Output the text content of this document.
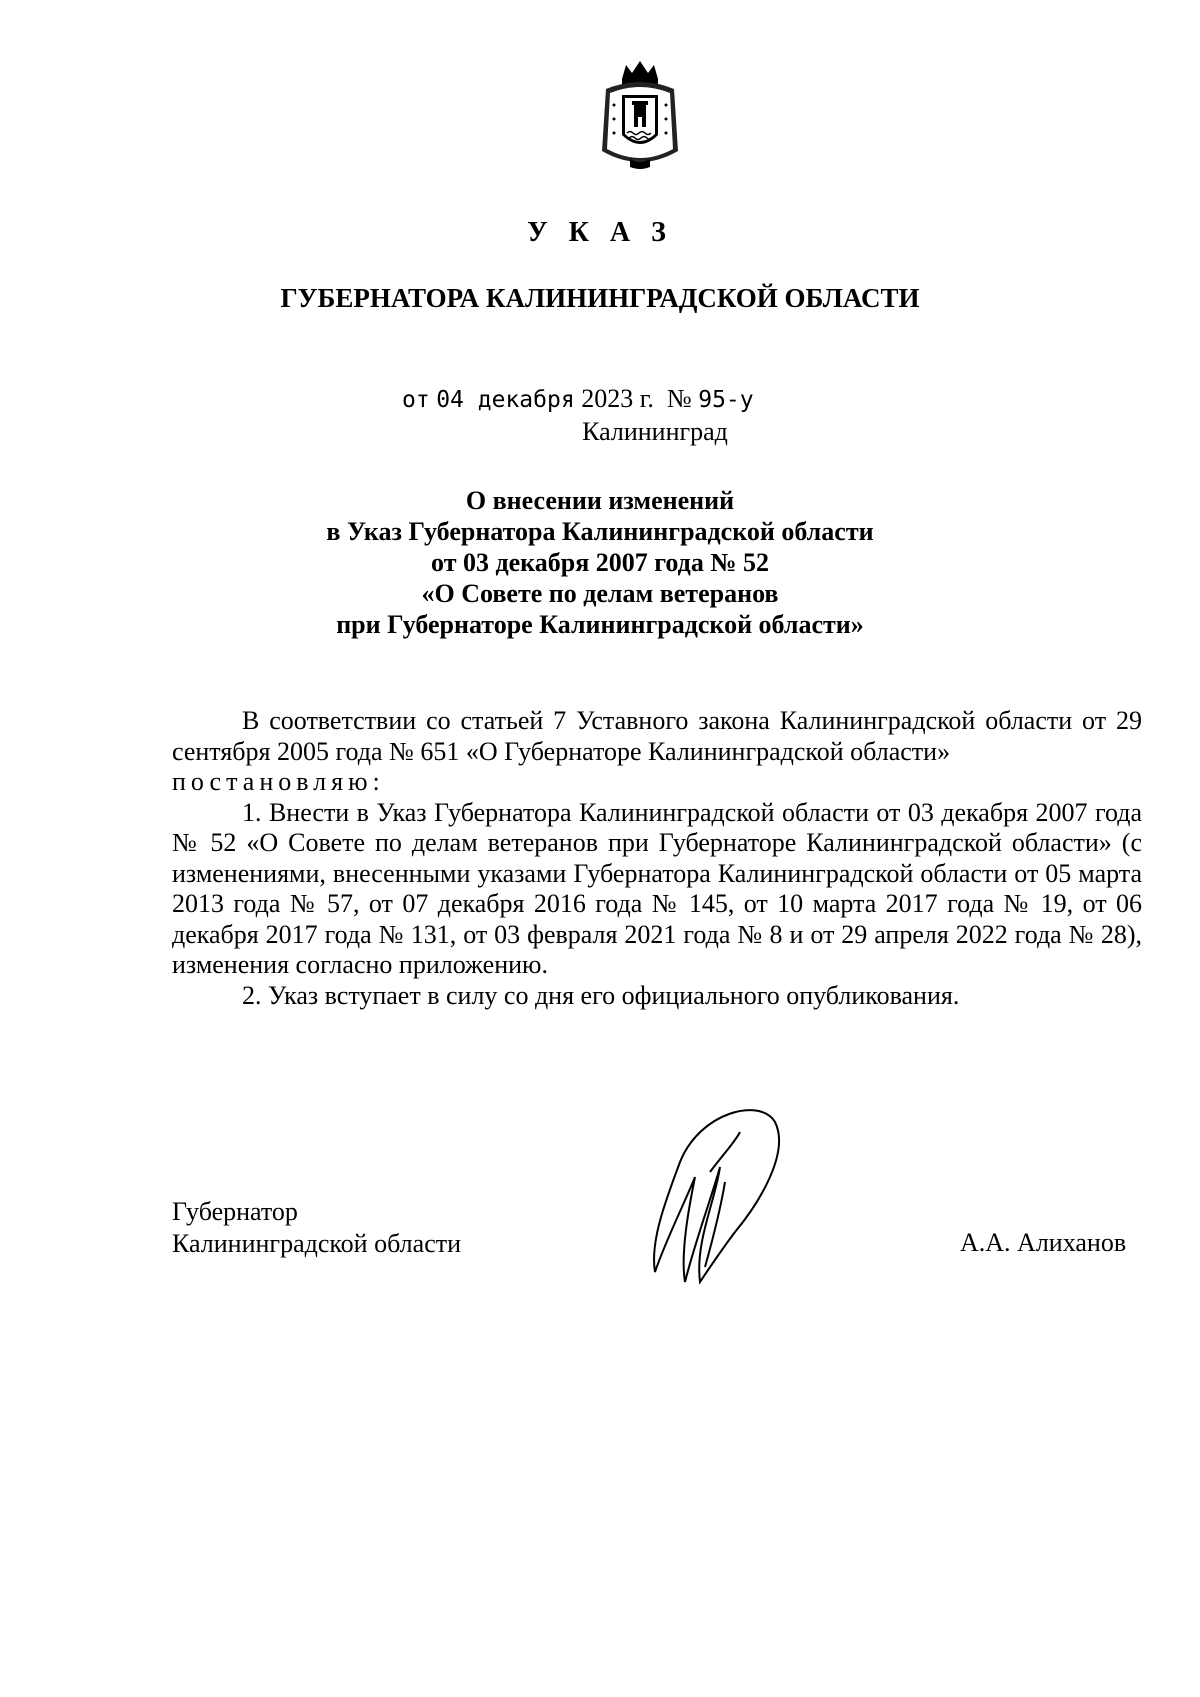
У К А З
ГУБЕРНАТОРА КАЛИНИНГРАДСКОЙ ОБЛАСТИ
от 04 декабря 2023 г. № 95-у
Калининград
О внесении изменений
в Указ Губернатора Калининградской области
от 03 декабря 2007 года № 52
«О Совете по делам ветеранов
при Губернаторе Калининградской области»

В соответствии со статьей 7 Уставного закона Калининградской области от 29 сентября 2005 года № 651 «О Губернаторе Калининградской области»

постановляю:

1. Внести в Указ Губернатора Калининградской области от 03 декабря 2007 года № 52 «О Совете по делам ветеранов при Губернаторе Калининградской области» (с изменениями, внесенными указами Губернатора Калининградской области от 05 марта 2013 года № 57, от 07 декабря 2016 года № 145, от 10 марта 2017 года № 19, от 06 декабря 2017 года № 131, от 03 февраля 2021 года № 8 и от 29 апреля 2022 года № 28), изменения согласно приложению.

2. Указ вступает в силу со дня его официального опубликования.

Губернатор
Калининградской области	А.А. Алиханов
